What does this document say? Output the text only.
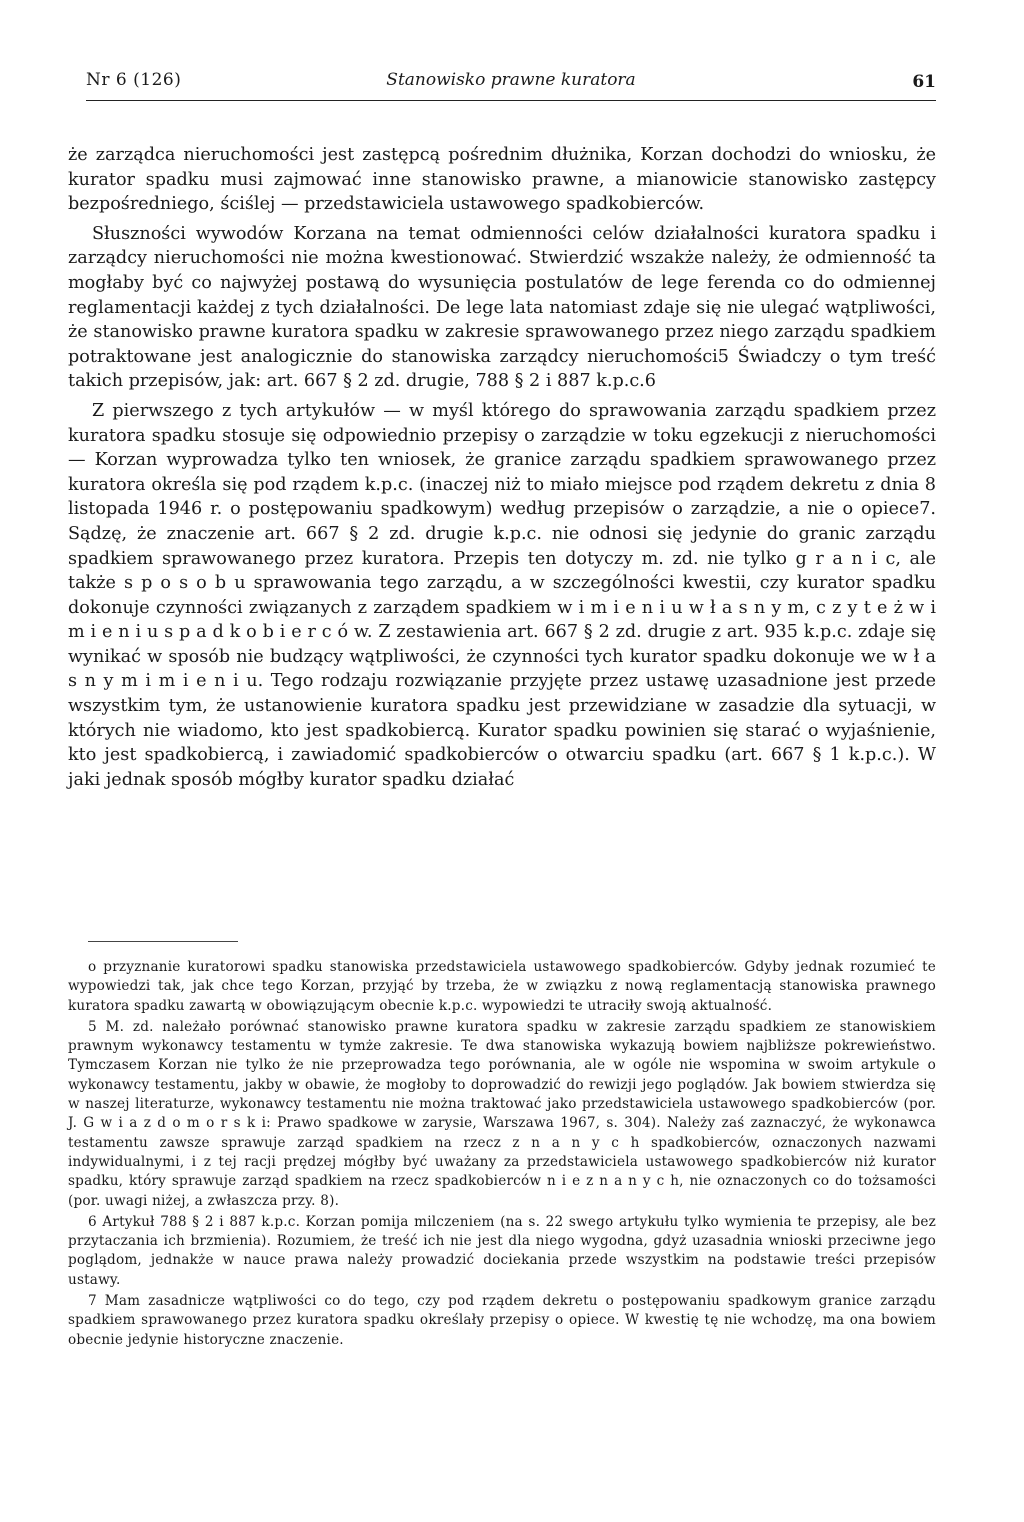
Nr 6 (126)	Stanowisko prawne kuratora	61

że zarządca nieruchomości jest zastępcą pośrednim dłużnika, Korzan dochodzi do wniosku, że kurator spadku musi zajmować inne stanowisko prawne, a mianowicie stanowisko zastępcy bezpośredniego, ściślej — przedstawiciela ustawowego spadkobierców.

Słuszności wywodów Korzana na temat odmienności celów działalności kuratora spadku i zarządcy nieruchomości nie można kwestionować. Stwierdzić wszakże należy, że odmienność ta mogłaby być co najwyżej postawą do wysunięcia postulatów de lege ferenda co do odmiennej reglamentacji każdej z tych działalności. De lege lata natomiast zdaje się nie ulegać wątpliwości, że stanowisko prawne kuratora spadku w zakresie sprawowanego przez niego zarządu spadkiem potraktowane jest analogicznie do stanowiska zarządcy nieruchomości5 Świadczy o tym treść takich przepisów, jak: art. 667 § 2 zd. drugie, 788 § 2 i 887 k.p.c.6

Z pierwszego z tych artykułów — w myśl którego do sprawowania zarządu spadkiem przez kuratora spadku stosuje się odpowiednio przepisy o zarządzie w toku egzekucji z nieruchomości — Korzan wyprowadza tylko ten wniosek, że granice zarządu spadkiem sprawowanego przez kuratora określa się pod rządem k.p.c. (inaczej niż to miało miejsce pod rządem dekretu z dnia 8 listopada 1946 r. o postępowaniu spadkowym) według przepisów o zarządzie, a nie o opiece7. Sądzę, że znaczenie art. 667 § 2 zd. drugie k.p.c. nie odnosi się jedynie do granic zarządu spadkiem sprawowanego przez kuratora. Przepis ten dotyczy m. zd. nie tylko g r a n i c, ale także s p o s o b u sprawowania tego zarządu, a w szczególności kwestii, czy kurator spadku dokonuje czynności związanych z zarządem spadkiem w i m i e n i u w ł a s n y m, c z y t e ż w i m i e n i u s p a d k o b i e r c ó w. Z zestawienia art. 667 § 2 zd. drugie z art. 935 k.p.c. zdaje się wynikać w sposób nie budzący wątpliwości, że czynności tych kurator spadku dokonuje we w ł a s n y m i m i e n i u. Tego rodzaju rozwiązanie przyjęte przez ustawę uzasadnione jest przede wszystkim tym, że ustanowienie kuratora spadku jest przewidziane w zasadzie dla sytuacji, w których nie wiadomo, kto jest spadkobiercą. Kurator spadku powinien się starać o wyjaśnienie, kto jest spadkobiercą, i zawiadomić spadkobierców o otwarciu spadku (art. 667 § 1 k.p.c.). W jaki jednak sposób mógłby kurator spadku działać

o przyznanie kuratorowi spadku stanowiska przedstawiciela ustawowego spadkobierców. Gdyby jednak rozumieć te wypowiedzi tak, jak chce tego Korzan, przyjąć by trzeba, że w związku z nową reglamentacją stanowiska prawnego kuratora spadku zawartą w obowiązującym obecnie k.p.c. wypowiedzi te utraciły swoją aktualność.

5 M. zd. należało porównać stanowisko prawne kuratora spadku w zakresie zarządu spadkiem ze stanowiskiem prawnym wykonawcy testamentu w tymże zakresie. Te dwa stanowiska wykazują bowiem najbliższe pokrewieństwo. Tymczasem Korzan nie tylko że nie przeprowadza tego porównania, ale w ogóle nie wspomina w swoim artykule o wykonawcy testamentu, jakby w obawie, że mogłoby to doprowadzić do rewizji jego poglądów. Jak bowiem stwierdza się w naszej literaturze, wykonawcy testamentu nie można traktować jako przedstawiciela ustawowego spadkobierców (por. J. G w i a z d o m o r s k i: Prawo spadkowe w zarysie, Warszawa 1967, s. 304). Należy zaś zaznaczyć, że wykonawca testamentu zawsze sprawuje zarząd spadkiem na rzecz z n a n y c h spadkobierców, oznaczonych nazwami indywidualnymi, i z tej racji prędzej mógłby być uważany za przedstawiciela ustawowego spadkobierców niż kurator spadku, który sprawuje zarząd spadkiem na rzecz spadkobierców n i e z n a n y c h, nie oznaczonych co do tożsamości (por. uwagi niżej, a zwłaszcza przy. 8).

6 Artykuł 788 § 2 i 887 k.p.c. Korzan pomija milczeniem (na s. 22 swego artykułu tylko wymienia te przepisy, ale bez przytaczania ich brzmienia). Rozumiem, że treść ich nie jest dla niego wygodna, gdyż uzasadnia wnioski przeciwne jego poglądom, jednakże w nauce prawa należy prowadzić dociekania przede wszystkim na podstawie treści przepisów ustawy.

7 Mam zasadnicze wątpliwości co do tego, czy pod rządem dekretu o postępowaniu spadkowym granice zarządu spadkiem sprawowanego przez kuratora spadku określały przepisy o opiece. W kwestię tę nie wchodzę, ma ona bowiem obecnie jedynie historyczne znaczenie.
